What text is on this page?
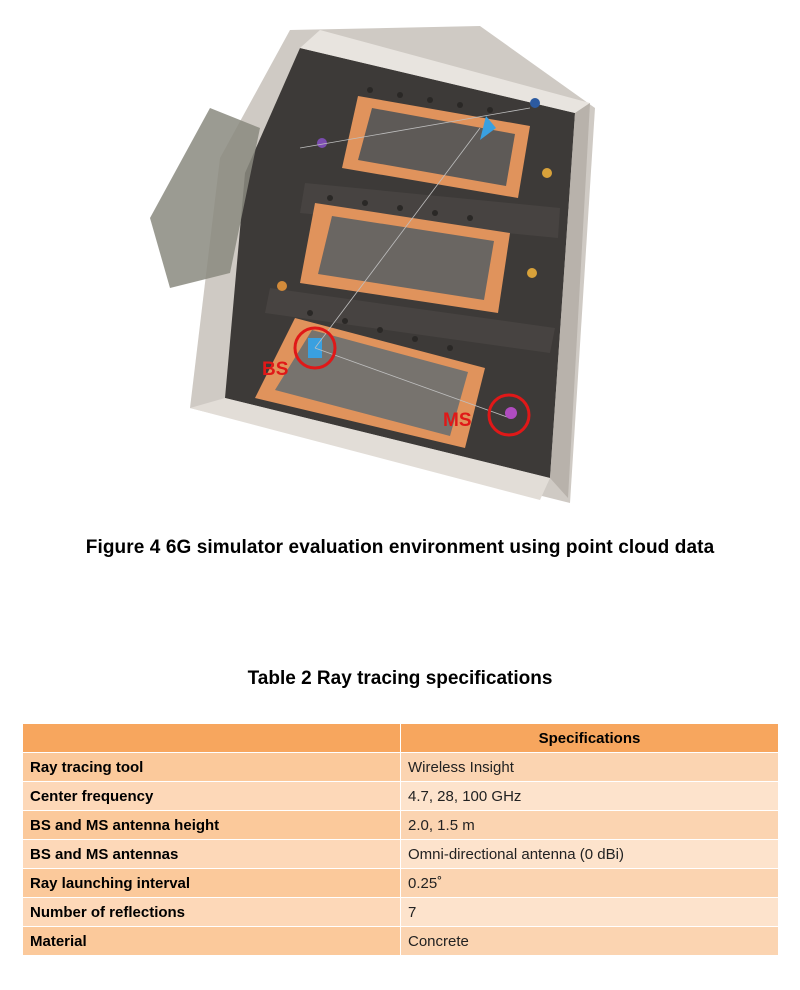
BS
MS
Figure 4 6G simulator evaluation environment using point cloud data
Table 2 Ray tracing specifications
	Specifications
Ray tracing tool	Wireless Insight
Center frequency	4.7, 28, 100 GHz
BS and MS antenna height	2.0, 1.5 m
BS and MS antennas	Omni-directional antenna (0 dBi)
Ray launching interval	0.25˚
Number of reflections	7
Material	Concrete
